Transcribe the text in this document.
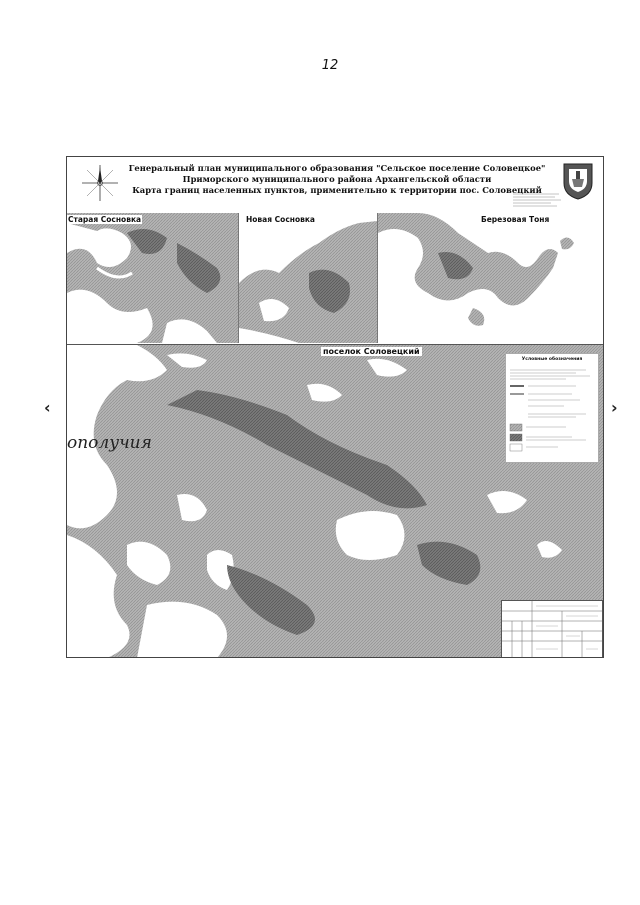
12
‹	›
Генеральный план муниципального образования "Сельское поселение Соловецкое"
Приморского муниципального района Архангельской области
Карта границ населенных пунктов, применительно к территории пос. Соловецкий
Старая Сосновка	Новая Сосновка	Березовая Тоня
поселок Соловецкий
ополучия
Условные обозначения
